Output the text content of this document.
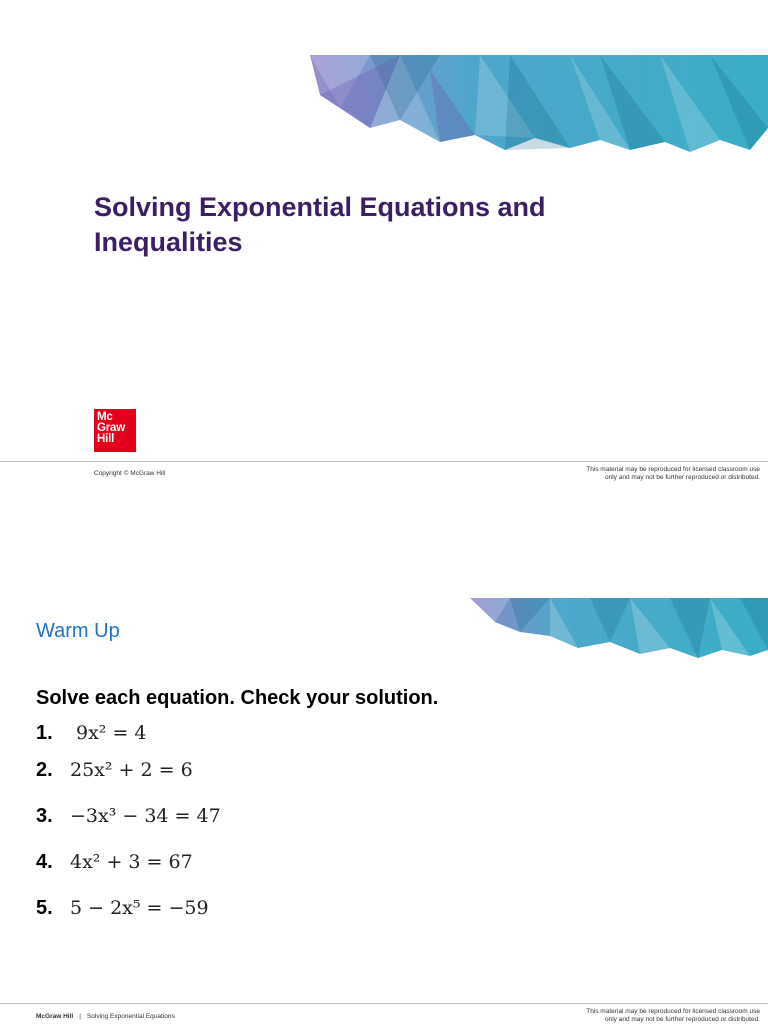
Solving Exponential Equations and Inequalities
Mc
Graw
Hill
Copyright © McGraw Hill
This material may be reproduced for licensed classroom use
only and may not be further reproduced or distributed.
Warm Up

Solve each equation. Check your solution.

1.	9x² = 4
2. 25x² + 2 = 6
3. −3x³ − 34 = 47
4. 4x² + 3 = 67
5. 5 − 2x⁵ = −59
McGraw Hill | Solving Exponential Equations
This material may be reproduced for licensed classroom use
only and may not be further reproduced or distributed.
